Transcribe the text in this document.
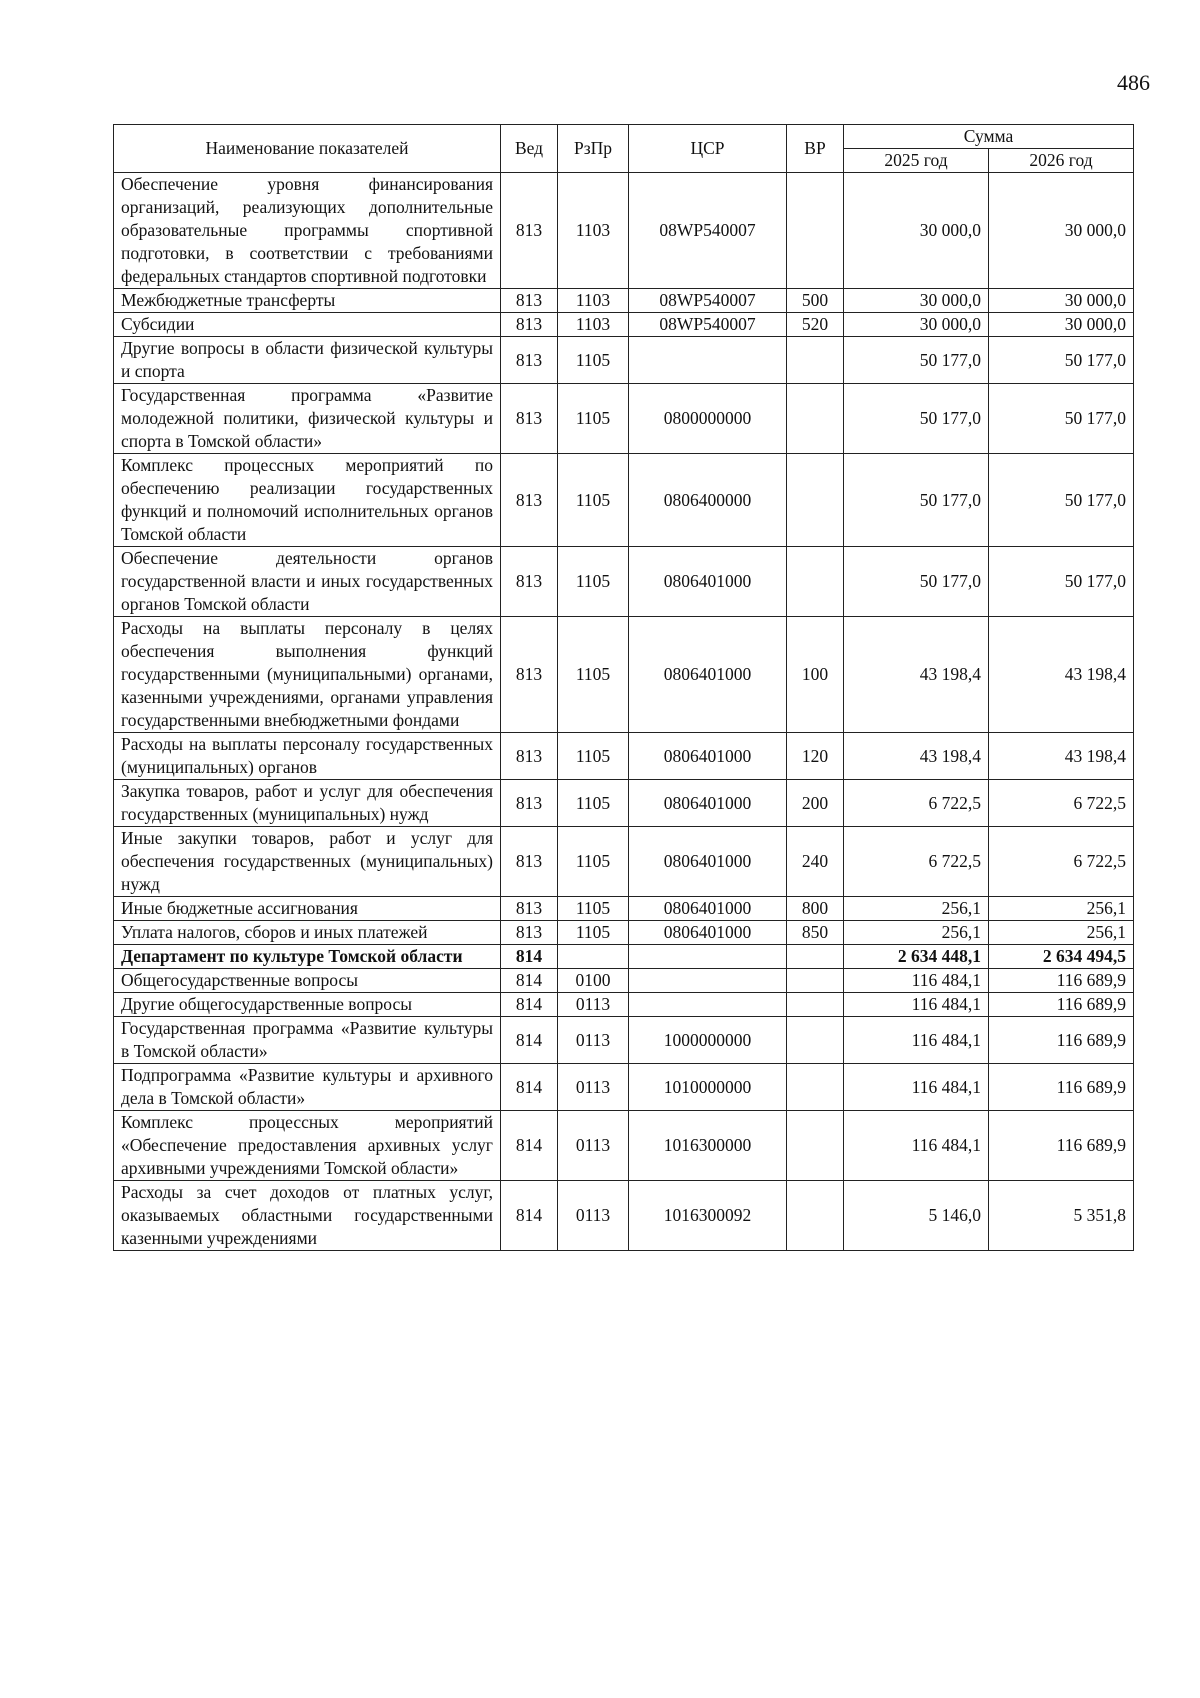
486
Наименование показателей	Вед	РзПр	ЦСР	ВР	Сумма	
					2025 год	2026 год
Обеспечение уровня финансирования организаций, реализующих дополнительные образовательные программы спортивной подготовки, в соответствии с требованиями федеральных стандартов спортивной подготовки	813	1103	08WP540007		30 000,0	30 000,0
Межбюджетные трансферты	813	1103	08WP540007	500	30 000,0	30 000,0
Субсидии	813	1103	08WP540007	520	30 000,0	30 000,0
Другие вопросы в области физической культуры и спорта	813	1105			50 177,0	50 177,0
Государственная программа «Развитие молодежной политики, физической культуры и спорта в Томской области»	813	1105	0800000000		50 177,0	50 177,0
Комплекс процессных мероприятий по обеспечению реализации государственных функций и полномочий исполнительных органов Томской области	813	1105	0806400000		50 177,0	50 177,0
Обеспечение деятельности органов государственной власти и иных государственных органов Томской области	813	1105	0806401000		50 177,0	50 177,0
Расходы на выплаты персоналу в целях обеспечения выполнения функций государственными (муниципальными) органами, казенными учреждениями, органами управления государственными внебюджетными фондами	813	1105	0806401000	100	43 198,4	43 198,4
Расходы на выплаты персоналу государственных (муниципальных) органов	813	1105	0806401000	120	43 198,4	43 198,4
Закупка товаров, работ и услуг для обеспечения государственных (муниципальных) нужд	813	1105	0806401000	200	6 722,5	6 722,5
Иные закупки товаров, работ и услуг для обеспечения государственных (муниципальных) нужд	813	1105	0806401000	240	6 722,5	6 722,5
Иные бюджетные ассигнования	813	1105	0806401000	800	256,1	256,1
Уплата налогов, сборов и иных платежей	813	1105	0806401000	850	256,1	256,1
Департамент по культуре Томской области	814				2 634 448,1	2 634 494,5
Общегосударственные вопросы	814	0100			116 484,1	116 689,9
Другие общегосударственные вопросы	814	0113			116 484,1	116 689,9
Государственная программа «Развитие культуры в Томской области»	814	0113	1000000000		116 484,1	116 689,9
Подпрограмма «Развитие культуры и архивного дела в Томской области»	814	0113	1010000000		116 484,1	116 689,9
Комплекс процессных мероприятий «Обеспечение предоставления архивных услуг архивными учреждениями Томской области»	814	0113	1016300000		116 484,1	116 689,9
Расходы за счет доходов от платных услуг, оказываемых областными государственными казенными учреждениями	814	0113	1016300092		5 146,0	5 351,8
